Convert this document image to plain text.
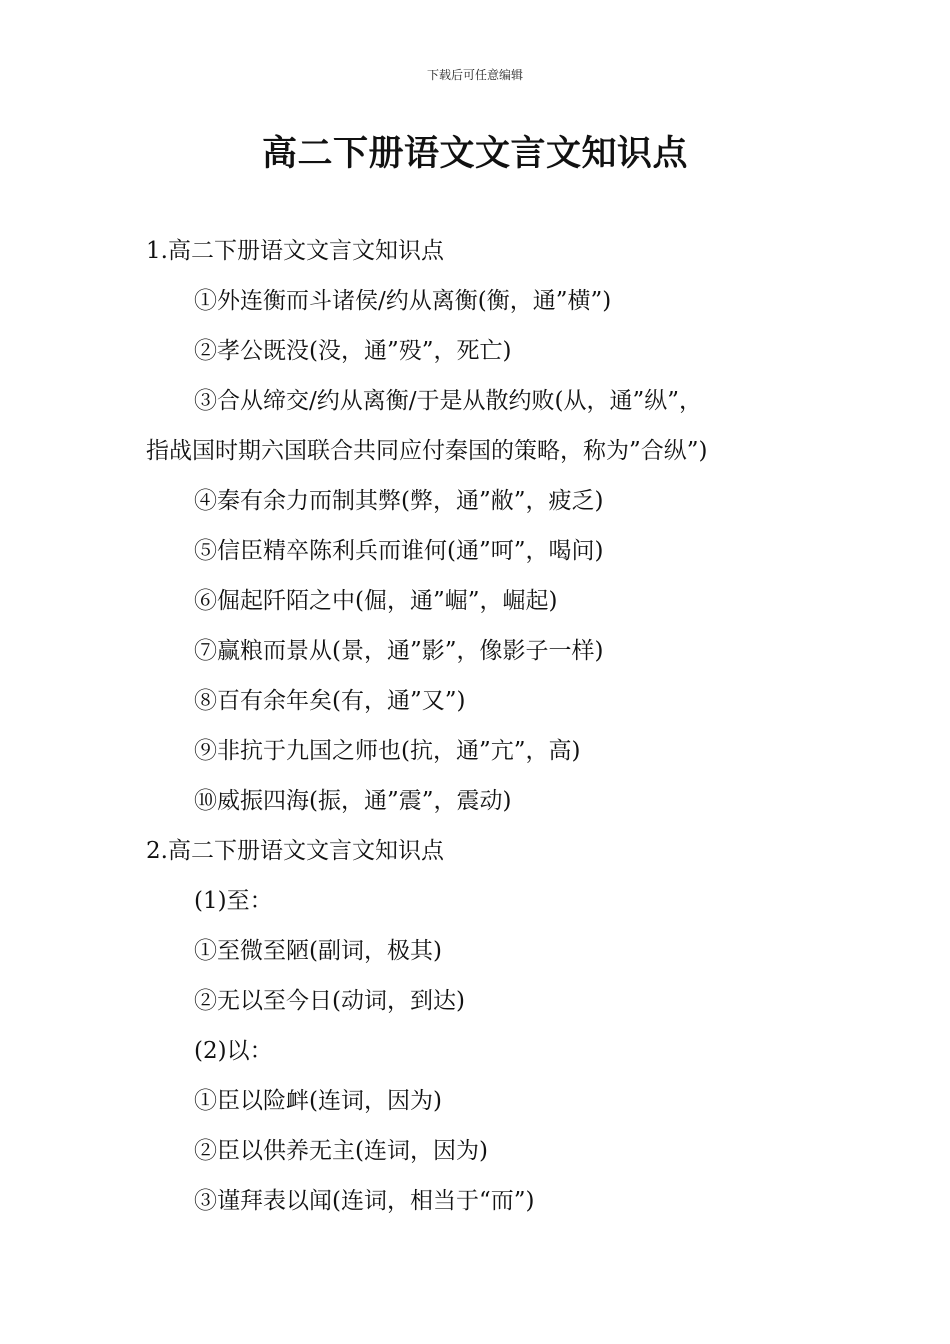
下载后可任意编辑
高二下册语文文言文知识点
1.高二下册语文文言文知识点
①外连衡而斗诸侯/约从离衡(衡，通”横”)
②孝公既没(没，通”殁”，死亡)
③合从缔交/约从离衡/于是从散约败(从，通”纵”，
指战国时期六国联合共同应付秦国的策略，称为”合纵”)
④秦有余力而制其弊(弊，通”敝”，疲乏)
⑤信臣精卒陈利兵而谁何(通”呵”，喝问)
⑥倔起阡陌之中(倔，通”崛”，崛起)
⑦赢粮而景从(景，通”影”，像影子一样)
⑧百有余年矣(有，通”又”)
⑨非抗于九国之师也(抗，通”亢”，高)
⑩威振四海(振，通”震”，震动)
2.高二下册语文文言文知识点
(1)至：
①至微至陋(副词，极其)
②无以至今日(动词，到达)
(2)以：
①臣以险衅(连词，因为)
②臣以供养无主(连词，因为)
③谨拜表以闻(连词，相当于“而”)
